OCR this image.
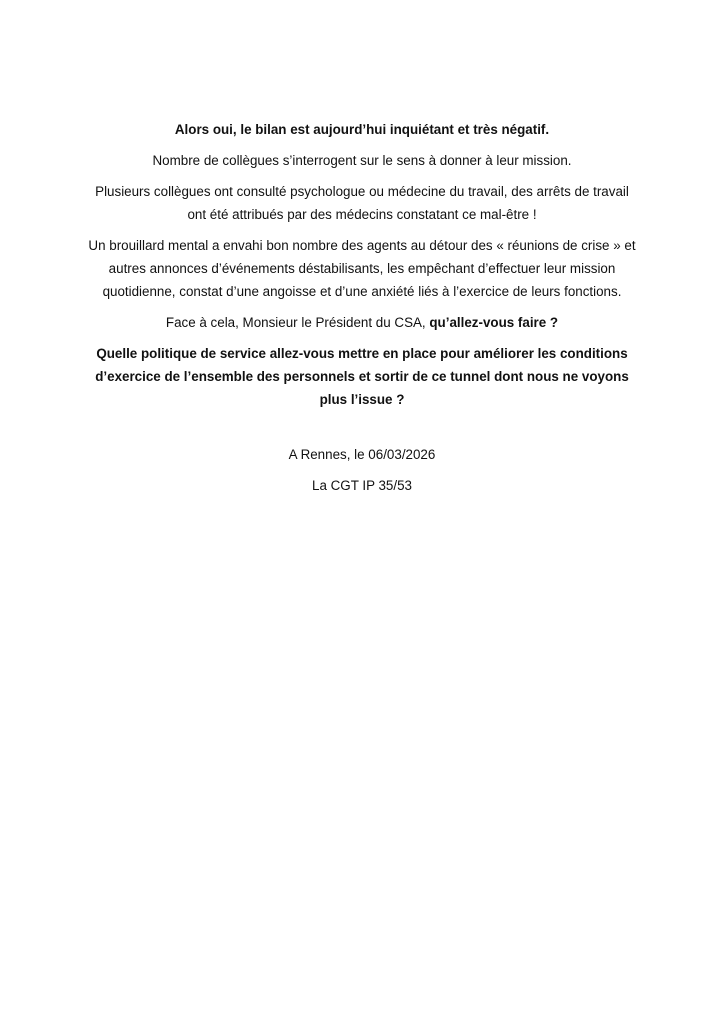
Alors oui, le bilan est aujourd’hui inquiétant et très négatif.

Nombre de collègues s’interrogent sur le sens à donner à leur mission.

Plusieurs collègues ont consulté psychologue ou médecine du travail, des arrêts de travail ont été attribués par des médecins constatant ce mal-être !

Un brouillard mental a envahi bon nombre des agents au détour des « réunions de crise » et autres annonces d’événements déstabilisants, les empêchant d’effectuer leur mission quotidienne, constat d’une angoisse et d’une anxiété liés à l’exercice de leurs fonctions.

Face à cela, Monsieur le Président du CSA, qu’allez-vous faire ?

Quelle politique de service allez-vous mettre en place pour améliorer les conditions d’exercice de l’ensemble des personnels et sortir de ce tunnel dont nous ne voyons plus l’issue ?

A Rennes, le 06/03/2026

La CGT IP 35/53
